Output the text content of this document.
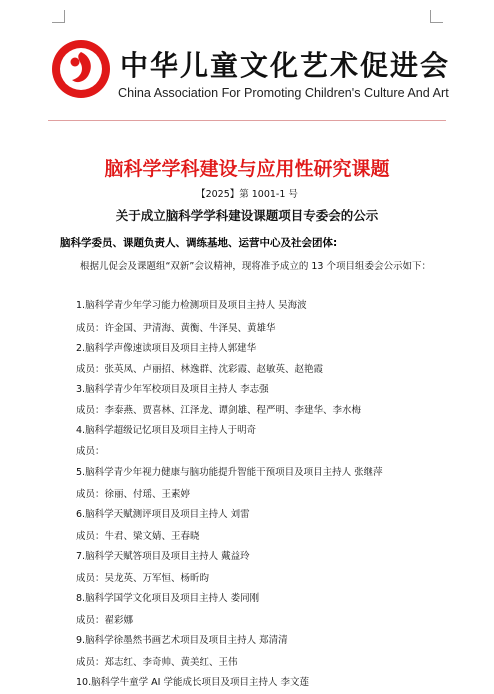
中华儿童文化艺术促进会
China Association For Promoting Children's Culture And Art
脑科学学科建设与应用性研究课题
【2025】第 1001-1 号
关于成立脑科学学科建设课题项目专委会的公示
脑科学委员、课题负责人、调练基地、运营中心及社会团体:
根据儿促会及课题组“双新”会议精神，现将准予成立的 13 个项目组委会公示如下：
1.脑科学青少年学习能力检测项目及项目主持人 吴海波
成员：许金国、尹清海、黄衡、牛泽昊、黄雄华
2.脑科学声像速读项目及项目主持人郭建华
成员：张英凤、卢丽招、林逸群、沈彩霞、赵敏英、赵艳霞
3.脑科学青少年军校项目及项目主持人 李志强
成员：李泰燕、贾喜林、江泽龙、谭剑雄、程严明、李建华、李水梅
4.脑科学超级记忆项目及项目主持人于明奇
成员：
5.脑科学青少年视力健康与脑功能提升智能干预项目及项目主持人 张继萍
成员：徐丽、付瑶、王素婷
6.脑科学天赋测评项目及项目主持人 刘雷
成员：牛君、梁文婧、王春晓
7.脑科学天赋答项目及项目主持人 戴益玲
成员：吴龙英、万军恒、杨昕昀
8.脑科学国学文化项目及项目主持人 娄同刚
成员：翟彩娜
9.脑科学徐墨然书画艺术项目及项目主持人 郑清清
成员：郑志红、李奇帅、黄美红、王伟
10.脑科学牛童学 AI 学能成长项目及项目主持人 李文莲
